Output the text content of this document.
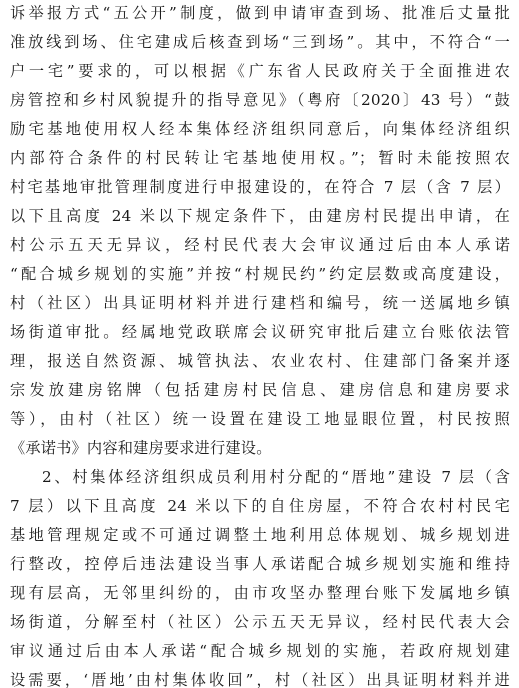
诉举报方式“五公开”制度，做到申请审查到场、批准后丈量批
准放线到场、住宅建成后核查到场“三到场”。其中，不符合“一
户一宅”要求的，可以根据《广东省人民政府关于全面推进农
房管控和乡村风貌提升的指导意见》（粤府〔2020〕43 号）“鼓
励宅基地使用权人经本集体经济组织同意后，向集体经济组织
内部符合条件的村民转让宅基地使用权。”；暂时未能按照农
村宅基地审批管理制度进行申报建设的，在符合 7 层（含 7 层）
以下且高度 24 米以下规定条件下，由建房村民提出申请，在
村公示五天无异议，经村民代表大会审议通过后由本人承诺
“配合城乡规划的实施”并按“村规民约”约定层数或高度建设，
村（社区）出具证明材料并进行建档和编号，统一送属地乡镇
场街道审批。经属地党政联席会议研究审批后建立台账依法管
理，报送自然资源、城管执法、农业农村、住建部门备案并逐
宗发放建房铭牌（包括建房村民信息、建房信息和建房要求
等），由村（社区）统一设置在建设工地显眼位置，村民按照
《承诺书》内容和建房要求进行建设。
2、村集体经济组织成员利用村分配的“厝地”建设 7 层（含
7 层）以下且高度 24 米以下的自住房屋，不符合农村村民宅
基地管理规定或不可通过调整土地利用总体规划、城乡规划进
行整改，控停后违法建设当事人承诺配合城乡规划实施和维持
现有层高，无邻里纠纷的，由市攻坚办整理台账下发属地乡镇
场街道，分解至村（社区）公示五天无异议，经村民代表大会
审议通过后由本人承诺“配合城乡规划的实施，若政府规划建
设需要，‘厝地’由村集体收回”，村（社区）出具证明材料并进
